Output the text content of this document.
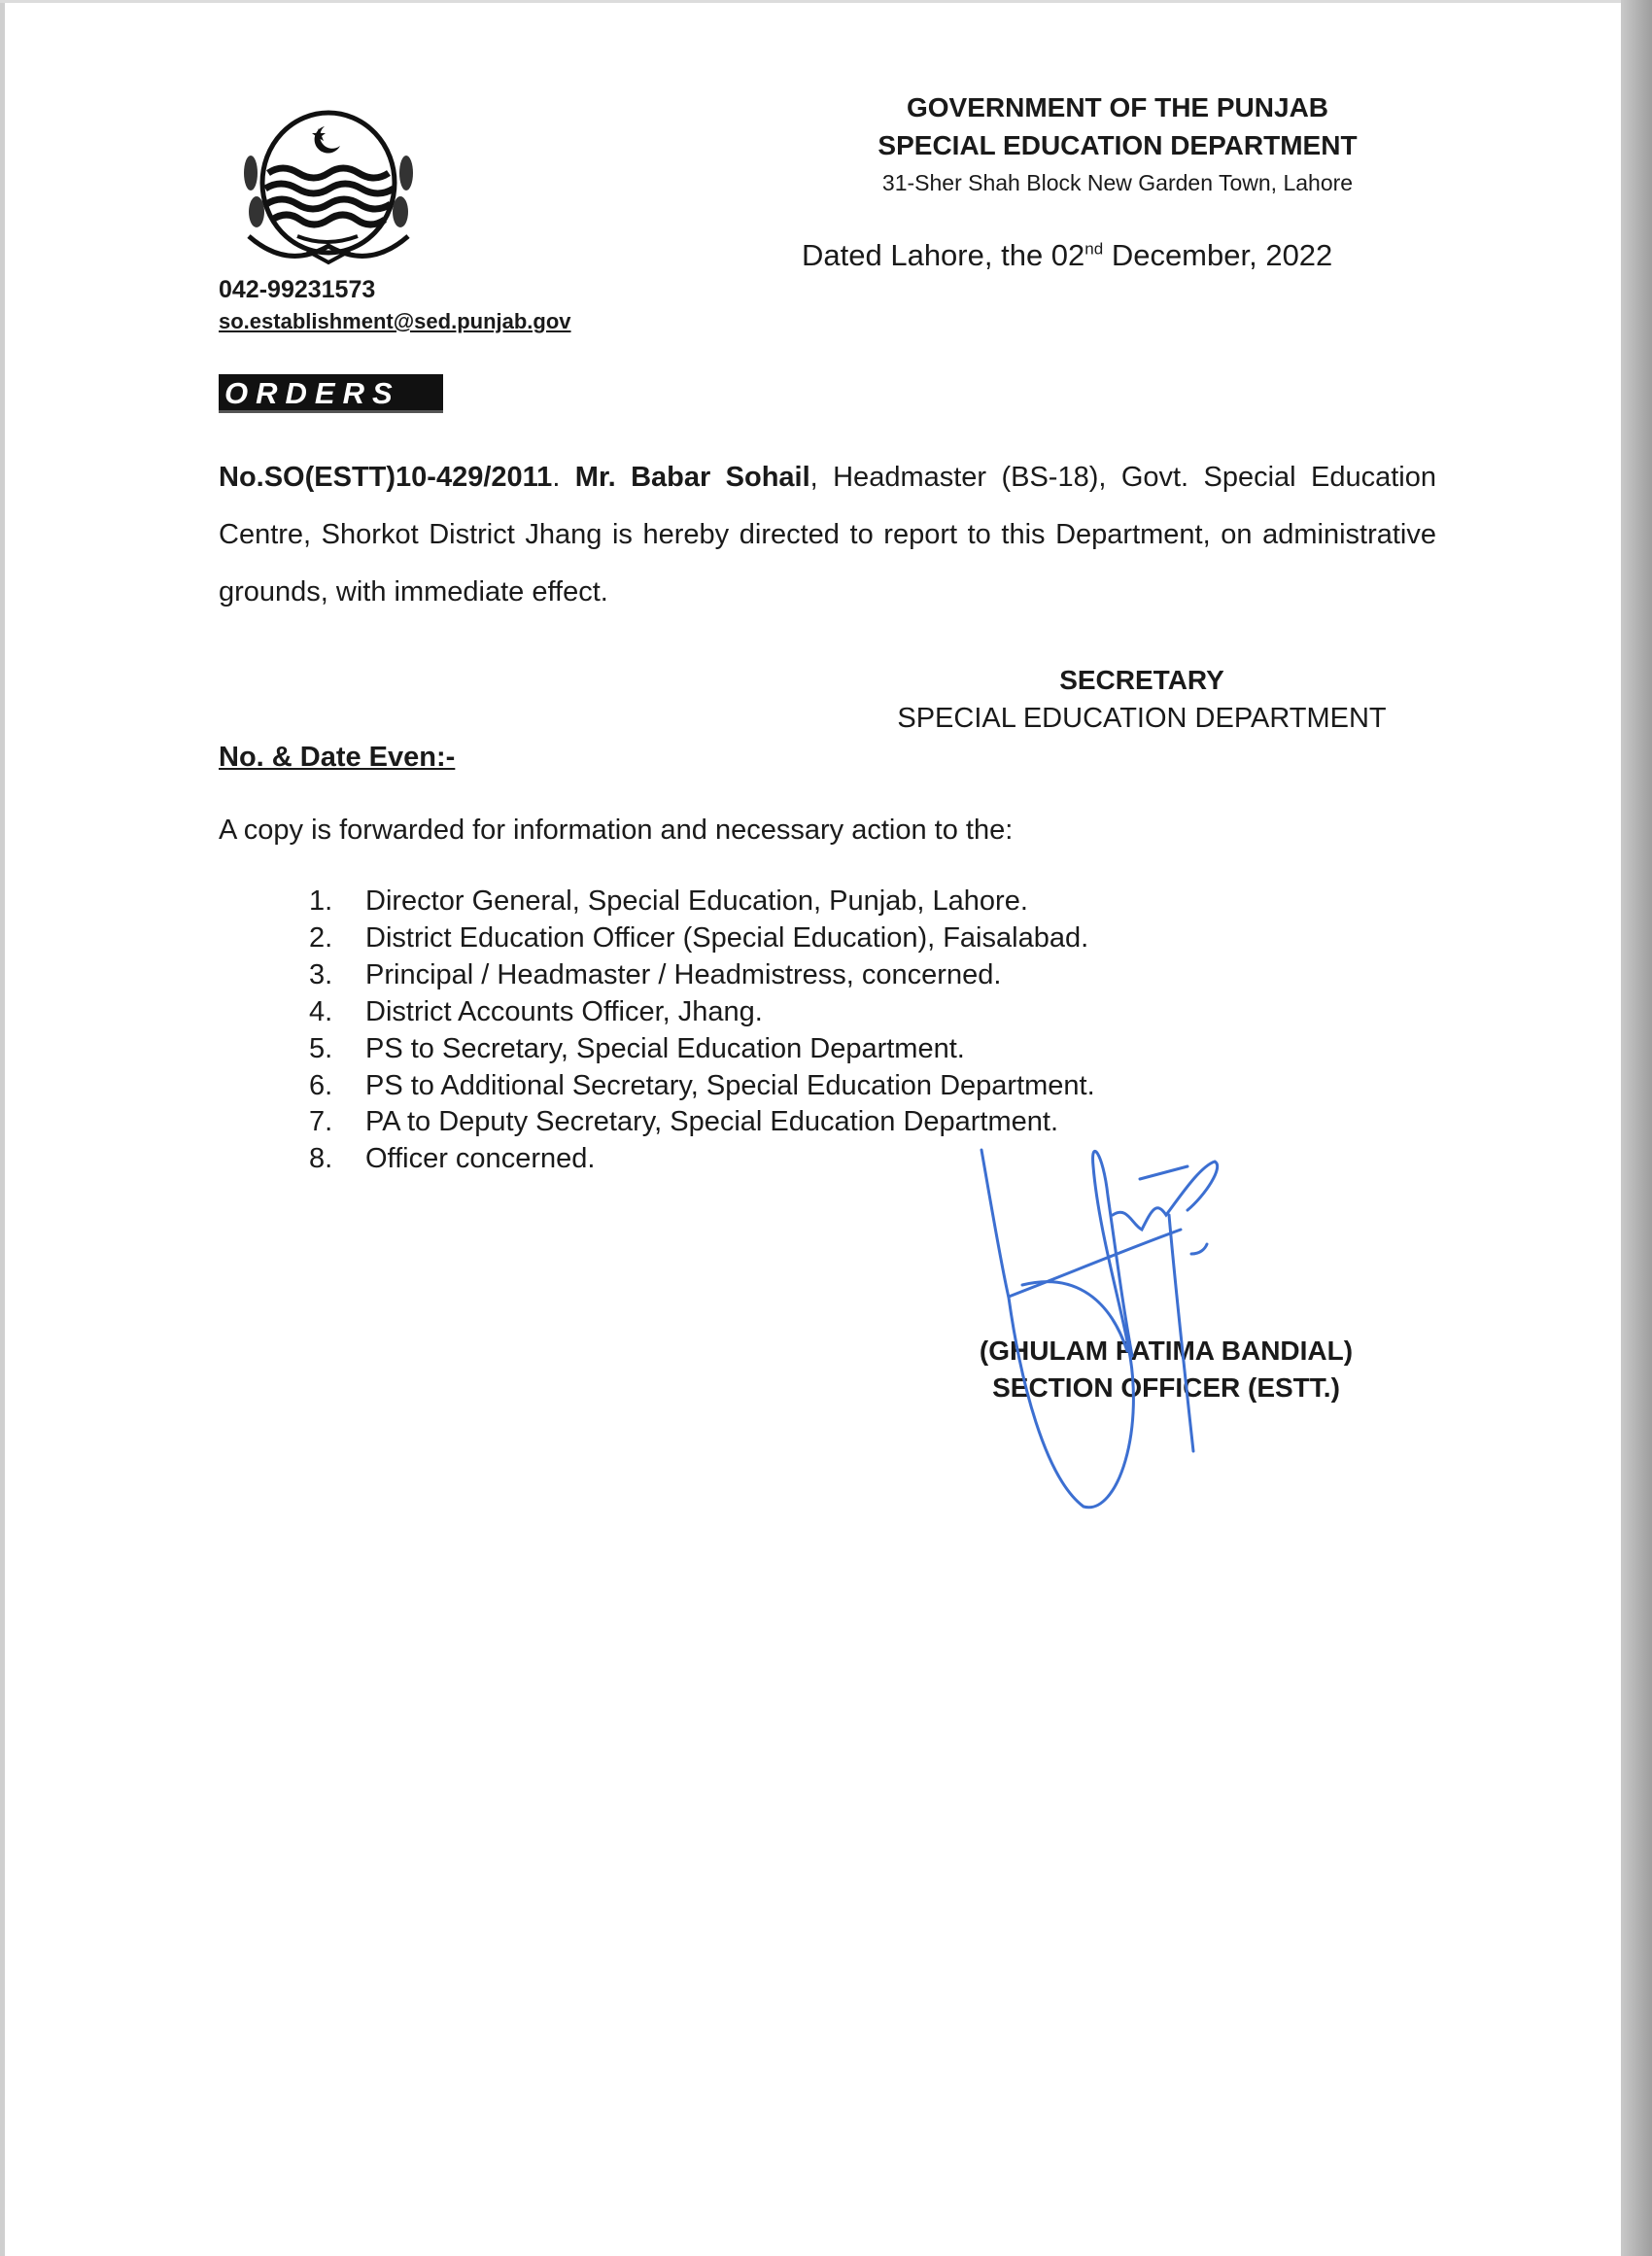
GOVERNMENT OF THE PUNJAB
SPECIAL EDUCATION DEPARTMENT
31-Sher Shah Block New Garden Town, Lahore
Dated Lahore, the 02nd December, 2022
042-99231573
so.establishment@sed.punjab.gov
ORDERS
No.SO(ESTT)10-429/2011. Mr. Babar Sohail, Headmaster (BS-18), Govt. Special Education Centre, Shorkot District Jhang is hereby directed to report to this Department, on administrative grounds, with immediate effect.
SECRETARY
SPECIAL EDUCATION DEPARTMENT
No. & Date Even:-
A copy is forwarded for information and necessary action to the:
1.	Director General, Special Education, Punjab, Lahore.
2.	District Education Officer (Special Education), Faisalabad.
3.	Principal / Headmaster / Headmistress, concerned.
4.	District Accounts Officer, Jhang.
5.	PS to Secretary, Special Education Department.
6.	PS to Additional Secretary, Special Education Department.
7.	PA to Deputy Secretary, Special Education Department.
8.	Officer concerned.
(GHULAM FATIMA BANDIAL)
SECTION OFFICER (ESTT.)
